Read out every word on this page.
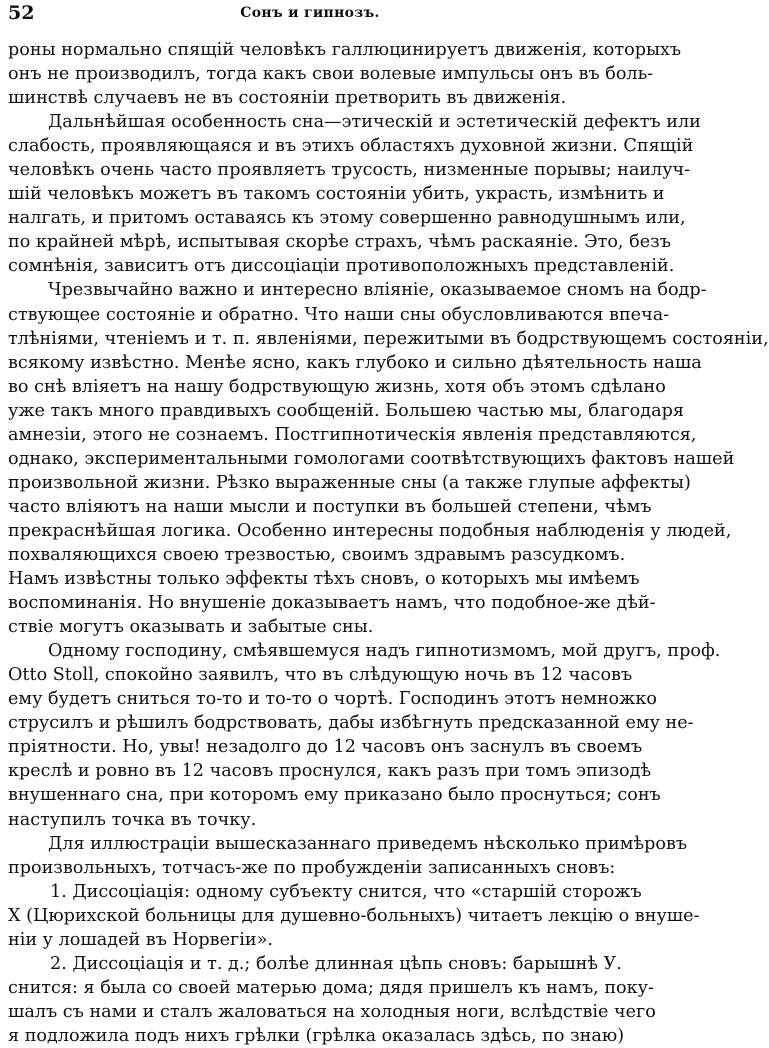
52	Сонъ и гипнозъ.
роны нормально спящій человѣкъ галлюцинируетъ движенія, которыхъ
онъ не производилъ, тогда какъ свои волевые импульсы онъ въ боль-
шинствѣ случаевъ не въ состояніи претворить въ движенія.
Дальнѣйшая особенность сна—этическій и эстетическій дефектъ или
слабость, проявляющаяся и въ этихъ областяхъ духовной жизни. Спящій
человѣкъ очень часто проявляетъ трусость, низменные порывы; наилуч-
шій человѣкъ можетъ въ такомъ состояніи убить, украсть, измѣнить и
налгать, и притомъ оставаясь къ этому совершенно равнодушнымъ или,
по крайней мѣрѣ, испытывая скорѣе страхъ, чѣмъ раскаяніе. Это, безъ
сомнѣнія, зависитъ отъ диссоціаціи противоположныхъ представленій.
Чрезвычайно важно и интересно вліяніе, оказываемое сномъ на бодр-
ствующее состояніе и обратно. Что наши сны обусловливаются впеча-
тлѣніями, чтеніемъ и т. п. явленіями, пережитыми въ бодрствующемъ состояніи,
всякому извѣстно. Менѣе ясно, какъ глубоко и сильно дѣятельность наша
во снѣ вліяетъ на нашу бодрствующую жизнь, хотя объ этомъ сдѣлано
уже такъ много правдивыхъ сообщеній. Большею частью мы, благодаря
амнезіи, этого не сознаемъ. Постгипнотическія явленія представляются,
однако, экспериментальными гомологами соотвѣтствующихъ фактовъ нашей
произвольной жизни. Рѣзко выраженные сны (а также глупые аффекты)
часто вліяютъ на наши мысли и поступки въ большей степени, чѣмъ
прекраснѣйшая логика. Особенно интересны подобныя наблюденія у людей,
похваляющихся своею трезвостью, своимъ здравымъ разсудкомъ.
Намъ извѣстны только эффекты тѣхъ сновъ, о которыхъ мы имѣемъ
воспоминанія. Но внушеніе доказываетъ намъ, что подобное-же дѣй-
ствіе могутъ оказывать и забытые сны.
Одному господину, смѣявшемуся надъ гипнотизмомъ, мой другъ, проф.
Otto Stoll, спокойно заявилъ, что въ слѣдующую ночь въ 12 часовъ
ему будетъ сниться то-то и то-то о чортѣ. Господинъ этотъ немножко
струсилъ и рѣшилъ бодрствовать, дабы избѣгнуть предсказанной ему не-
пріятности. Но, увы! незадолго до 12 часовъ онъ заснулъ въ своемъ
креслѣ и ровно въ 12 часовъ проснулся, какъ разъ при томъ эпизодѣ
внушеннаго сна, при которомъ ему приказано было проснуться; сонъ
наступилъ точка въ точку.
Для иллюстраціи вышесказаннаго приведемъ нѣсколько примѣровъ
произвольныхъ, тотчасъ-же по пробужденіи записанныхъ сновъ:
1. Диссоціація: одному субъекту снится, что «старшій сторожъ
X (Цюрихской больницы для душевно-больныхъ) читаетъ лекцію о внуше-
ніи у лошадей въ Норвегіи».
2. Диссоціація и т. д.; болѣе длинная цѣпь сновъ: барышнѣ У.
снится: я была со своей матерью дома; дядя пришелъ къ намъ, поку-
шалъ съ нами и сталъ жаловаться на холодныя ноги, вслѣдствіе чего
я подложила подъ нихъ грѣлки (грѣлка оказалась здѣсь, по знаю)
